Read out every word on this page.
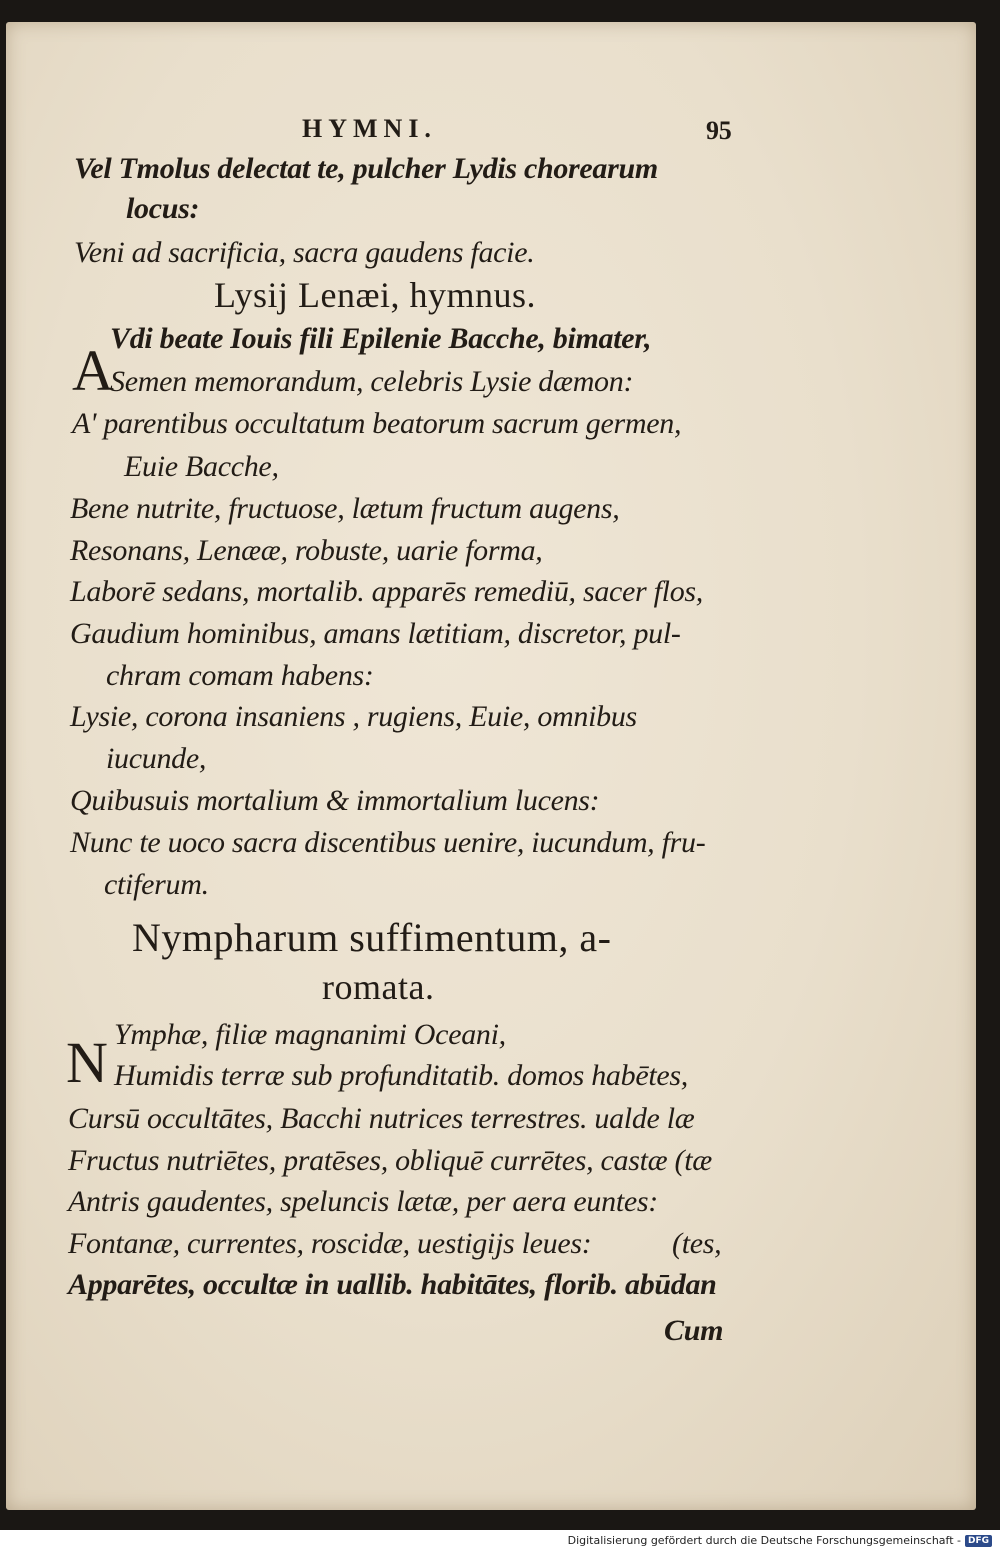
HYMNI.	95
Vel Tmolus delectat te, pulcher Lydis chorearum
locus:
Veni ad sacrificia, sacra gaudens facie.
Lysij Lenæi, hymnus.
A
Vdi beate Iouis fili Epilenie Bacche, bimater,
Semen memorandum, celebris Lysie dæmon:
A' parentibus occultatum beatorum sacrum germen,
Euie Bacche,
Bene nutrite, fructuose, lætum fructum augens,
Resonans, Lenææ, robuste, uarie forma,
Laborē sedans, mortalib. apparēs remediū, sacer flos,
Gaudium hominibus, amans lætitiam, discretor, pul-
chram comam habens:
Lysie, corona insaniens , rugiens, Euie, omnibus
iucunde,
Quibusuis mortalium & immortalium lucens:
Nunc te uoco sacra discentibus uenire, iucundum, fru-
ctiferum.
Nympharum suffimentum, a-
romata.
N Ymphæ, filiæ magnanimi Oceani,
Humidis terræ sub profunditatib. domos habētes,
Cursū occultātes, Bacchi nutrices terrestres. ualde læ
Fructus nutriētes, pratēses, obliquē currētes, castæ (tæ
Antris gaudentes, speluncis lætæ, per aera euntes:
Fontanæ, currentes, roscidæ, uestigijs leues:	(tes,
Apparētes, occultæ in uallib. habitātes, florib. abūdan
Cum
Digitalisierung gefördert durch die Deutsche Forschungsgemeinschaft - DFG
